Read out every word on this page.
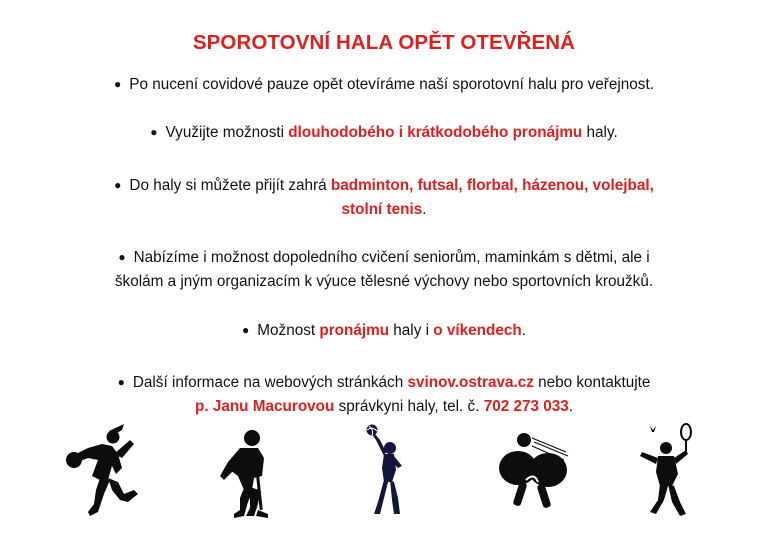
SPOROTOVNÍ HALA OPĚT OTEVŘENÁ
● Po nucení covidové pauze opět otevíráme naší sporotovní halu pro veřejnost.
● Využijte možnosti dlouhodobého i krátkodobého pronájmu haly.
● Do haly si můžete přijít zahrá badminton, futsal, florbal, házenou, volejbal,
stolní tenis.
● Nabízíme i možnost dopoledního cvičení seniorům, maminkám s dětmi, ale i
školám a jným organizacím k výuce tělesné výchovy nebo sportovních kroužků.
● Možnost pronájmu haly i o víkendech.
● Další informace na webových stránkách svinov.ostrava.cz nebo kontaktujte
p. Janu Macurovou správkyni haly, tel. č. 702 273 033.
